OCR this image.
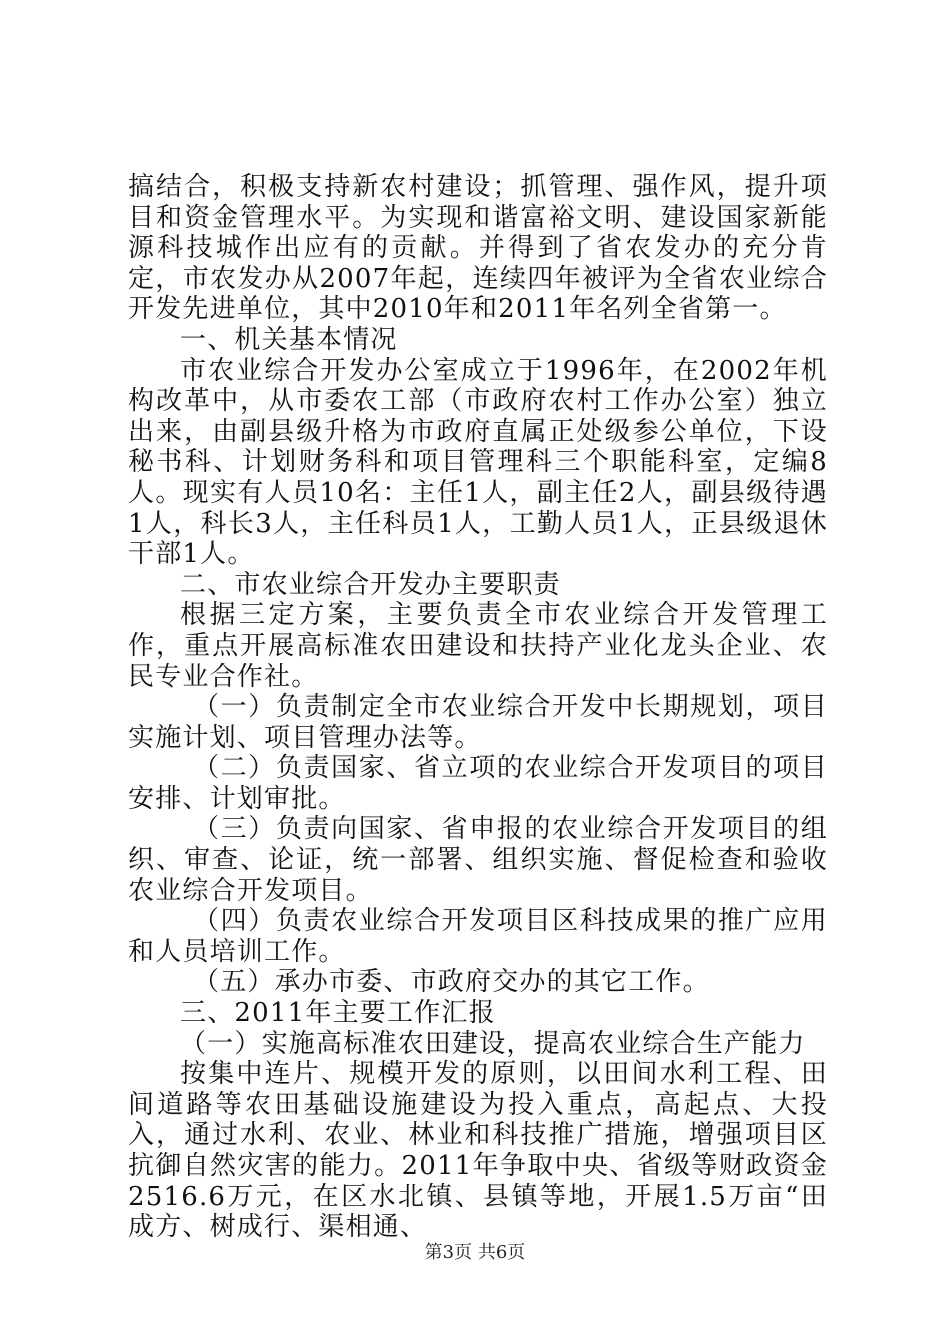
搞结合，积极支持新农村建设；抓管理、强作风，提升项目和资金管理水平。为实现和谐富裕文明、建设国家新能源科技城作出应有的贡献。并得到了省农发办的充分肯定，市农发办从2007年起，连续四年被评为全省农业综合开发先进单位，其中2010年和2011年名列全省第一。

一、机关基本情况

市农业综合开发办公室成立于1996年，在2002年机构改革中，从市委农工部（市政府农村工作办公室）独立出来，由副县级升格为市政府直属正处级参公单位，下设秘书科、计划财务科和项目管理科三个职能科室，定编8人。现实有人员10名：主任1人，副主任2人，副县级待遇1人，科长3人，主任科员1人，工勤人员1人，正县级退休干部1人。

二、市农业综合开发办主要职责

根据三定方案，主要负责全市农业综合开发管理工作，重点开展高标准农田建设和扶持产业化龙头企业、农民专业合作社。

（一）负责制定全市农业综合开发中长期规划，项目实施计划、项目管理办法等。

（二）负责国家、省立项的农业综合开发项目的项目安排、计划审批。

（三）负责向国家、省申报的农业综合开发项目的组织、审查、论证，统一部署、组织实施、督促检查和验收农业综合开发项目。

（四）负责农业综合开发项目区科技成果的推广应用和人员培训工作。

（五）承办市委、市政府交办的其它工作。

三、2011年主要工作汇报

（一）实施高标准农田建设，提高农业综合生产能力

按集中连片、规模开发的原则，以田间水利工程、田间道路等农田基础设施建设为投入重点，高起点、大投入，通过水利、农业、林业和科技推广措施，增强项目区抗御自然灾害的能力。2011年争取中央、省级等财政资金2516.6万元，在区水北镇、县镇等地，开展1.5万亩“田成方、树成行、渠相通、

第3页 共6页
